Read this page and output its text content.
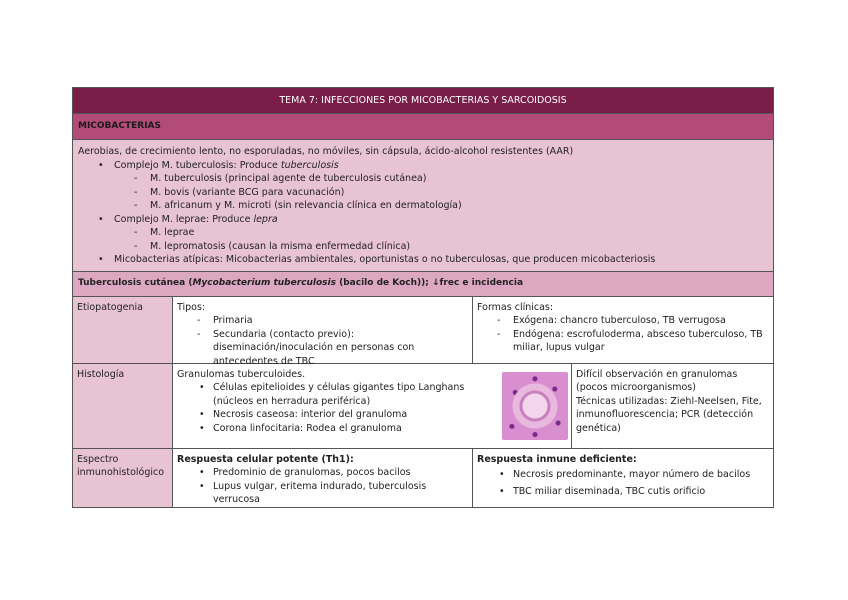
TEMA 7: INFECCIONES POR MICOBACTERIAS Y SARCOIDOSIS
MICOBACTERIAS
Aerobias, de crecimiento lento, no esporuladas, no móviles, sin cápsula, ácido-alcohol resistentes (AAR)
• Complejo M. tuberculosis: Produce tuberculosis
- M. tuberculosis (principal agente de tuberculosis cutánea)
- M. bovis (variante BCG para vacunación)
- M. africanum y M. microti (sin relevancia clínica en dermatología)
• Complejo M. leprae: Produce lepra
- M. leprae
- M. lepromatosis (causan la misma enfermedad clínica)
• Micobacterias atípicas: Micobacterias ambientales, oportunistas o no tuberculosas, que producen micobacteriosis
Tuberculosis cutánea (Mycobacterium tuberculosis (bacilo de Koch)); ↓frec e incidencia
Etiopatogenia	Tipos:
- Primaria
- Secundaria (contacto previo): diseminación/inoculación en personas con antecedentes de TBC
Formas clínicas:
- Exógena: chancro tuberculoso, TB verrugosa
- Endógena: escrofuloderma, absceso tuberculoso, TB miliar, lupus vulgar
Histología	Granulomas tuberculoides.
• Células epitelioides y células gigantes tipo Langhans (núcleos en herradura periférica)
• Necrosis caseosa: interior del granuloma
• Corona linfocitaria: Rodea el granuloma
Difícil observación en granulomas (pocos microorganismos)
Técnicas utilizadas: Ziehl-Neelsen, Fite, inmunofluorescencia; PCR (detección genética)
Espectro inmunohistológico
Respuesta celular potente (Th1):
• Predominio de granulomas, pocos bacilos
• Lupus vulgar, eritema indurado, tuberculosis verrucosa
Respuesta inmune deficiente:
• Necrosis predominante, mayor número de bacilos
• TBC miliar diseminada, TBC cutis orificio
